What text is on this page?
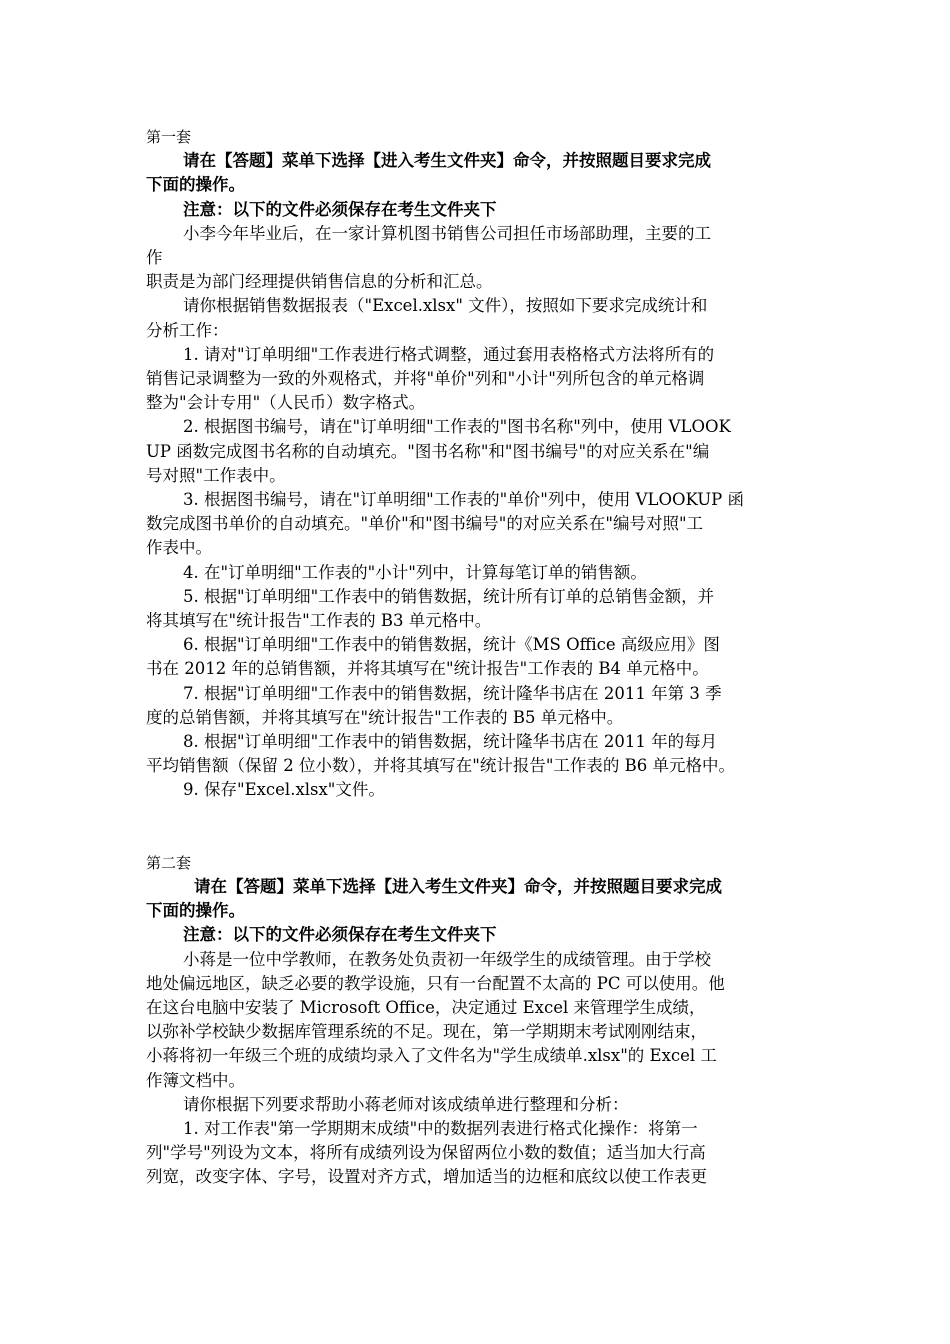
第一套
请在【答题】菜单下选择【进入考生文件夹】命令，并按照题目要求完成
下面的操作。
注意：以下的文件必须保存在考生文件夹下
小李今年毕业后，在一家计算机图书销售公司担任市场部助理，主要的工
作
职责是为部门经理提供销售信息的分析和汇总。
请你根据销售数据报表（"Excel.xlsx" 文件），按照如下要求完成统计和
分析工作：
1. 请对"订单明细"工作表进行格式调整，通过套用表格格式方法将所有的
销售记录调整为一致的外观格式，并将"单价"列和"小计"列所包含的单元格调
整为"会计专用"（人民币）数字格式。
2. 根据图书编号，请在"订单明细"工作表的"图书名称"列中，使用 VLOOK
UP 函数完成图书名称的自动填充。"图书名称"和"图书编号"的对应关系在"编
号对照"工作表中。
3. 根据图书编号，请在"订单明细"工作表的"单价"列中，使用 VLOOKUP 函
数完成图书单价的自动填充。"单价"和"图书编号"的对应关系在"编号对照"工
作表中。
4. 在"订单明细"工作表的"小计"列中，计算每笔订单的销售额。
5. 根据"订单明细"工作表中的销售数据，统计所有订单的总销售金额，并
将其填写在"统计报告"工作表的 B3 单元格中。
6. 根据"订单明细"工作表中的销售数据，统计《MS Office 高级应用》图
书在 2012 年的总销售额，并将其填写在"统计报告"工作表的 B4 单元格中。
7. 根据"订单明细"工作表中的销售数据，统计隆华书店在 2011 年第 3 季
度的总销售额，并将其填写在"统计报告"工作表的 B5 单元格中。
8. 根据"订单明细"工作表中的销售数据，统计隆华书店在 2011 年的每月
平均销售额（保留 2 位小数），并将其填写在"统计报告"工作表的 B6 单元格中。
9. 保存"Excel.xlsx"文件。
第二套
请在【答题】菜单下选择【进入考生文件夹】命令，并按照题目要求完成
下面的操作。
注意：以下的文件必须保存在考生文件夹下
小蒋是一位中学教师，在教务处负责初一年级学生的成绩管理。由于学校
地处偏远地区，缺乏必要的教学设施，只有一台配置不太高的 PC 可以使用。他
在这台电脑中安装了 Microsoft Office，决定通过 Excel 来管理学生成绩，
以弥补学校缺少数据库管理系统的不足。现在，第一学期期末考试刚刚结束，
小蒋将初一年级三个班的成绩均录入了文件名为"学生成绩单.xlsx"的 Excel 工
作簿文档中。
请你根据下列要求帮助小蒋老师对该成绩单进行整理和分析：
1. 对工作表"第一学期期末成绩"中的数据列表进行格式化操作：将第一
列"学号"列设为文本，将所有成绩列设为保留两位小数的数值；适当加大行高
列宽，改变字体、字号，设置对齐方式，增加适当的边框和底纹以使工作表更
